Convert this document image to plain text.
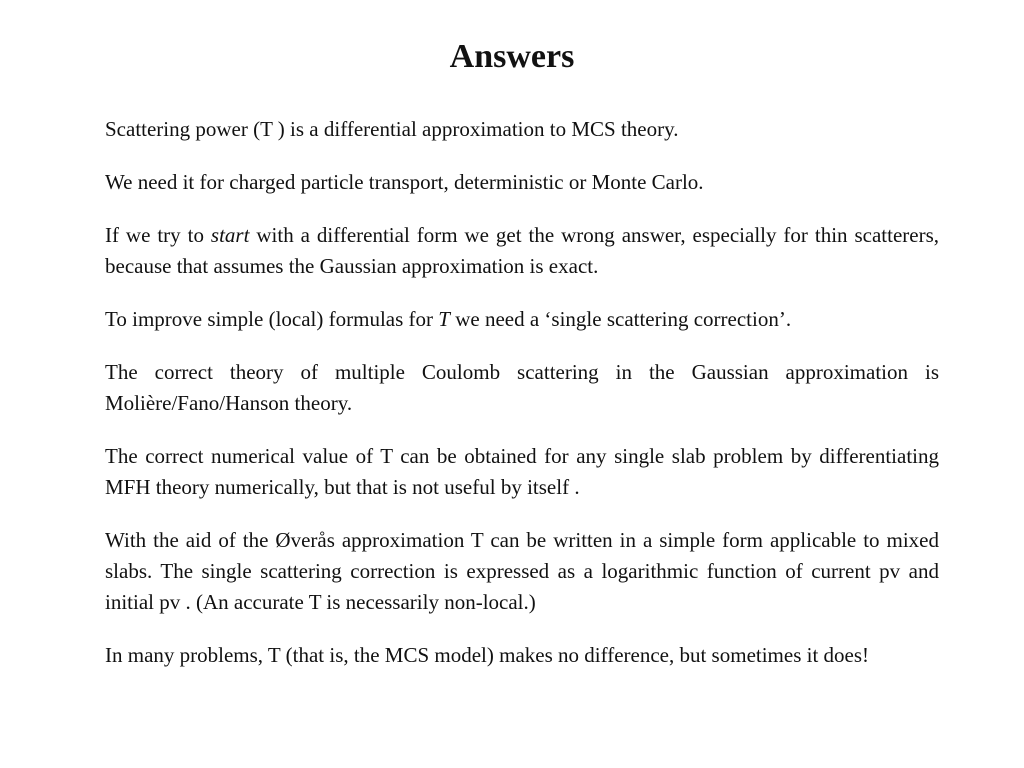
Answers

Scattering power (T ) is a differential approximation to MCS theory.

We need it for charged particle transport, deterministic or Monte Carlo.

If we try to start with a differential form we get the wrong answer, especially for thin scatterers, because that assumes the Gaussian approximation is exact.

To improve simple (local) formulas for T we need a ‘single scattering correction’.

The correct theory of multiple Coulomb scattering in the Gaussian approximation is Molière/Fano/Hanson theory.

The correct numerical value of T can be obtained for any single slab problem by differentiating MFH theory numerically, but that is not useful by itself .

With the aid of the Øverås approximation T can be written in a simple form applicable to mixed slabs. The single scattering correction is expressed as a logarithmic function of current pv and initial pv . (An accurate T is necessarily non-local.)

In many problems, T (that is, the MCS model) makes no difference, but sometimes it does!
